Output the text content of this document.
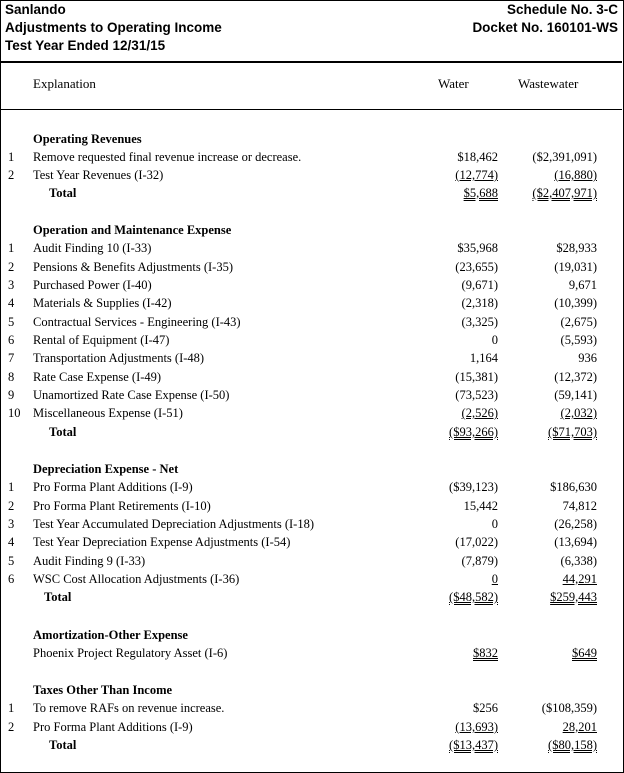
Sanlando	Schedule No. 3-C
Adjustments to Operating Income	Docket No. 160101-WS
Test Year Ended 12/31/15
Explanation	Water	Wastewater
Operating Revenues
1	Remove requested final revenue increase or decrease.	$18,462	($2,391,091)
2	Test Year Revenues (I-32)	(12,774)	(16,880)
Total	$5,688	($2,407,971)
Operation and Maintenance Expense
1	Audit Finding 10 (I-33)	$35,968	$28,933
2	Pensions & Benefits Adjustments (I-35)	(23,655)	(19,031)
3	Purchased Power (I-40)	(9,671)	9,671
4	Materials & Supplies (I-42)	(2,318)	(10,399)
5	Contractual Services - Engineering (I-43)	(3,325)	(2,675)
6	Rental of Equipment (I-47)	0	(5,593)
7	Transportation Adjustments (I-48)	1,164	936
8	Rate Case Expense (I-49)	(15,381)	(12,372)
9	Unamortized Rate Case Expense (I-50)	(73,523)	(59,141)
10 Miscellaneous Expense (I-51)	(2,526)	(2,032)
Total	($93,266)	($71,703)
Depreciation Expense - Net
1	Pro Forma Plant Additions (I-9)	($39,123)	$186,630
2	Pro Forma Plant Retirements (I-10)	15,442	74,812
3	Test Year Accumulated Depreciation Adjustments (I-18)	0	(26,258)
4	Test Year Depreciation Expense Adjustments (I-54)	(17,022)	(13,694)
5	Audit Finding 9 (I-33)	(7,879)	(6,338)
6	WSC Cost Allocation Adjustments (I-36)	0	44,291
Total	($48,582)	$259,443
Amortization-Other Expense
Phoenix Project Regulatory Asset (I-6)	$832	$649
Taxes Other Than Income
1	To remove RAFs on revenue increase.	$256	($108,359)
2	Pro Forma Plant Additions (I-9)	(13,693)	28,201
Total	($13,437)	($80,158)
